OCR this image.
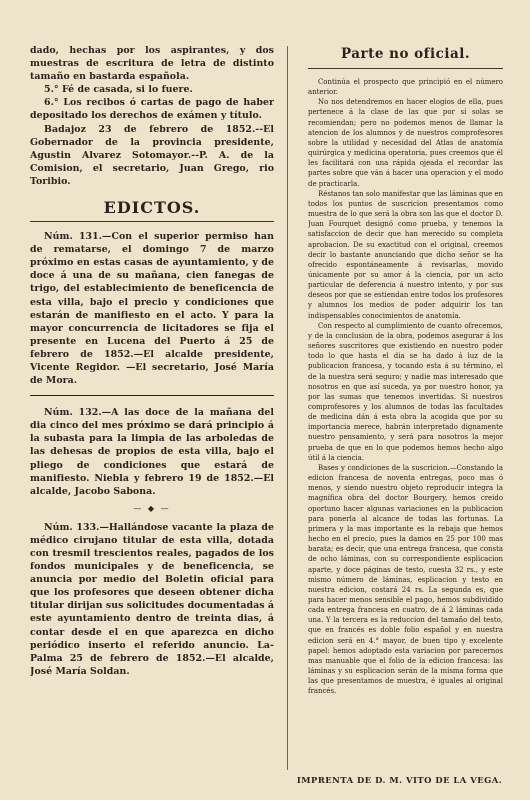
dado, hechas por los aspirantes, y dos muestras de escritura de letra de distinto tamaño en bastarda española.

5.° Fé de casada, si lo fuere.

6.° Los recibos ó cartas de pago de haber depositado los derechos de exámen y título.

Badajoz 23 de febrero de 1852.--El Gobernador de la provincia presidente, Agustin Alvarez Sotomayor.--P. A. de la Comision, el secretario, Juan Grego, rio Toribio.

EDICTOS.

Núm. 131.—Con el superior permiso han de rematarse, el domingo 7 de marzo próximo en estas casas de ayuntamiento, y de doce á una de su mañana, cien fanegas de trigo, del establecimiento de beneficencia de esta villa, bajo el precio y condiciones que estarán de manifiesto en el acto. Y para la mayor concurrencia de licitadores se fija el presente en Lucena del Puerto á 25 de febrero de 1852.—El alcalde presidente, Vicente Regidor. —El secretario, José María de Mora.

Núm. 132.—A las doce de la mañana del dia cinco del mes próximo se dará principio á la subasta para la limpia de las arboledas de las dehesas de propios de esta villa, bajo el pliego de condiciones que estará de manifiesto. Niebla y febrero 19 de 1852.—El alcalde, Jacobo Sabona.

— ◆ —

Núm. 133.—Hallándose vacante la plaza de médico cirujano titular de esta villa, dotada con tresmil trescientos reales, pagados de los fondos municipales y de beneficencia, se anuncia por medio del Boletin oficial para que los profesores que deseen obtener dicha titular dirijan sus solicitudes documentadas á este ayuntamiento dentro de treinta dias, á contar desde el en que aparezca en dicho periódico inserto el referido anuncio. La-Palma 25 de febrero de 1852.—El alcalde, José María Soldan.

Parte no oficial.

Continúa el prospecto que principió en el número anterior.

No nos detendremos en hacer elogios de ella, pues pertenece á la clase de las que por sí solas se recomiendan; pero no podemos menos de llamar la atencion de los alumnos y de nuestros comprofesores sobre la utilidad y necesidad del Atlas de anatomía quirúrgica y medicina operatoria, pues creemos que él les facilitará con una rápida ojeada el recordar las partes sobre que ván á hacer una operacion y el modo de practicarla.

Réstanos tan solo manifestar que las láminas que en todos los puntos de suscricion presentamos como muestra de lo que será la obra son las que el doctor D. Juan Fourquet designó como prueba, y tenemos la satisfaccion de decir que han merecido su completa aprobacion. De su exactitud con el original, creemos decir lo bastante anunciando que dicho señor se ha ofrecido espontáneamente á revisarlas, movido únicamente por su amor á la ciencia, por un acto particular de deferencia á nuestro intento, y por sus deseos por que se estiendan entre todos los profesores y alumnos los medios de poder adquirir los tan indispensables conocimientos de anatomía.

Con respecto al cumplimiento de cuanto ofrecemos, y de la conclusion de la obra, podemos asegurar á los señores suscritores que existiendo en nuestro poder todo lo que hasta el dia se ha dado á luz de la publicacion francesa, y tocando esta á su término, el de la nuestra será seguro; y nadie mas interesado que nosotros en que así suceda, ya por nuestro honor, ya por las sumas que tenemos invertidas. Si nuestros comprofesores y los alumnos de todas las facultades de medicina dán á esta obra la acogida que por su importancia merece, habrán interpretado dignamente nuestro pensamiento, y será para nosotros la mejor prueba de que en lo que podemos hemos hecho algo útil á la ciencia.

Bases y condiciones de la suscricion.—Constando la edicion francesa de noventa entregas, poco mas ó menos, y siendo nuestro objeto reproducir integra la magnífica obra del doctor Bourgery, hemos creido oportuno hacer algunas variaciones en la publicacion para ponerla al alcance de todas las fortunas. La primera y la mas importante es la rebaja que hemos hecho en el precio, pues la damos en 25 por 100 mas barata; es decir, que una entrega francesa, que consta de ocho láminas, con su correspondiente esplicacion aparte, y doce páginas de testo, cuesta 32 rs., y este mismo número de láminas, esplicacion y testo en nuestra edicion, costará 24 rs. La segunda es, que para hacer menos sensible el pago, hemos subdividido cada entrega francesa en cuatro, de á 2 láminas cada una. Y la tercera es la reduccion del tamaño del testo, que en francés es doble folio español y en nuestra edicion será en 4.° mayor, de buen tipo y excelente papel: hemos adoptado esta variacion por parecernos mas manuable que el folio de la edicion francesa: las láminas y su esplicacion serán de la misma forma que las que presentamos de muestra, é iguales al original francés.

IMPRENTA DE D. M. VITO DE LA VEGA.
